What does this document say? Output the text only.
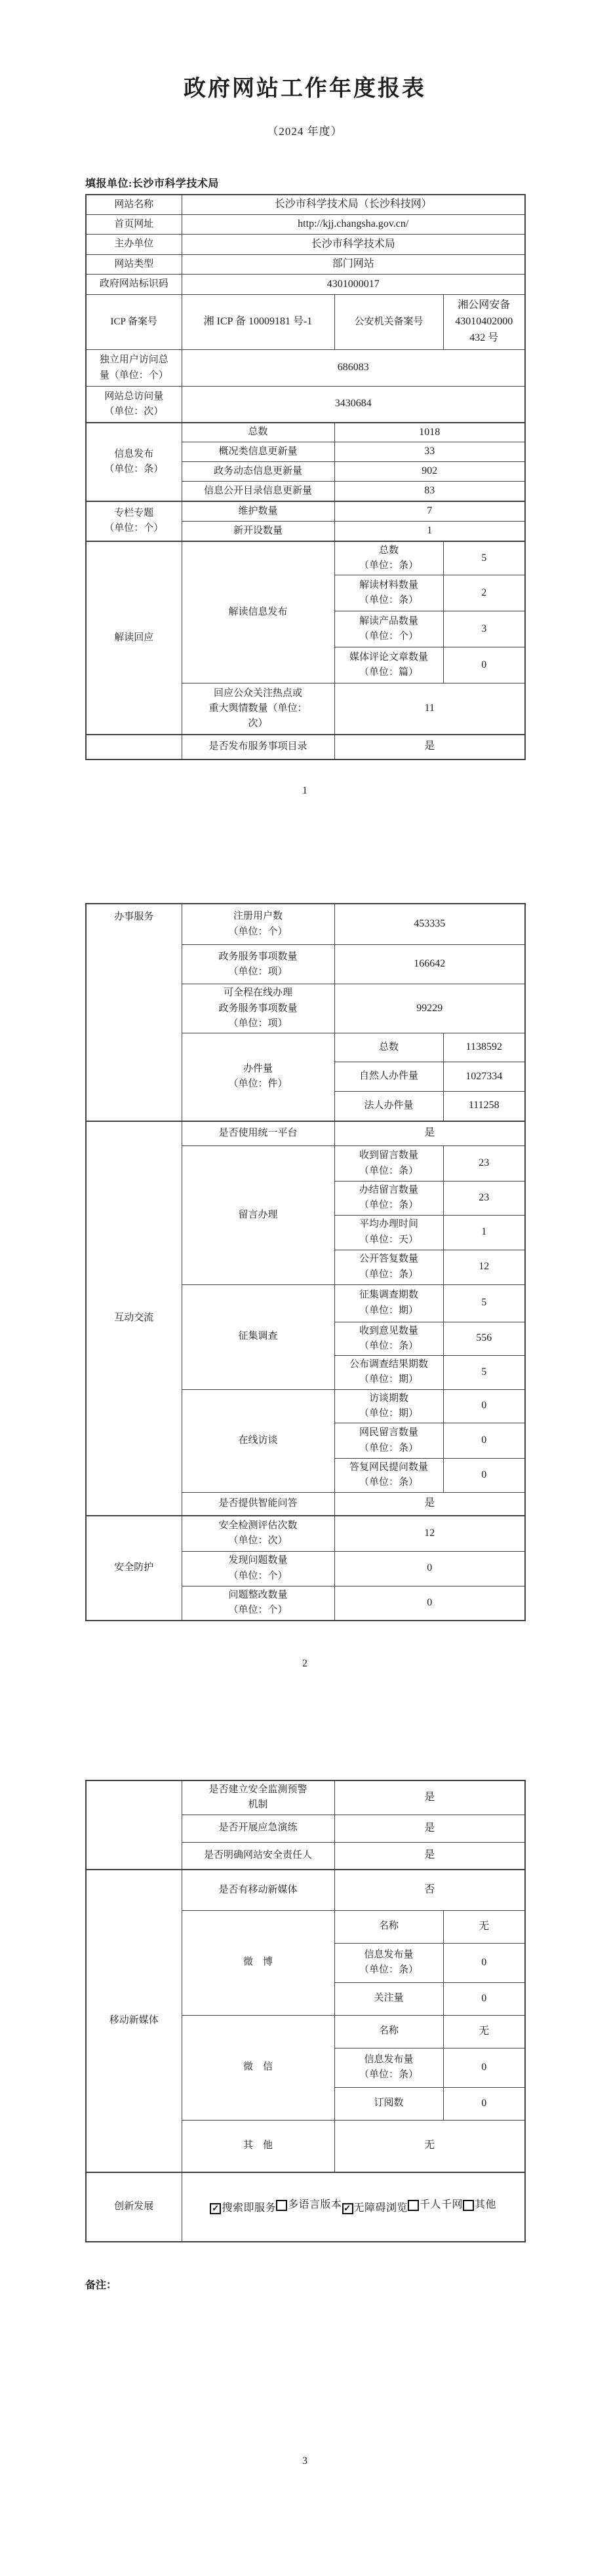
政府网站工作年度报表
（2024 年度）
填报单位:长沙市科学技术局
网站名称	长沙市科学技术局（长沙科技网）		
首页网址	http://kjj.changsha.gov.cn/		
主办单位	长沙市科学技术局		
网站类型	部门网站		
政府网站标识码	4301000017		
ICP 备案号	湘 ICP 备 10009181 号-1	公安机关备案号	湘公网安备
43010402000
432 号
独立用户访问总
量（单位：个）	686083		
网站总访问量
（单位：次）	3430684		
信息发布
（单位：条）	总数	1018	
	概况类信息更新量	33	
	政务动态信息更新量	902	
	信息公开目录信息更新量	83	
专栏专题
（单位：个）	维护数量	7	
	新开设数量	1	
解读回应	解读信息发布	总数
（单位：条）	5
		解读材料数量
（单位：条）	2
		解读产品数量
（单位：个）	3
		媒体评论文章数量
（单位：篇）	0
	回应公众关注热点或
重大舆情数量（单位：
次）	11	
	是否发布服务事项目录	是	
1
办事服务	注册用户数
（单位：个）	453335	
	政务服务事项数量
（单位：项）	166642	
	可全程在线办理
政务服务事项数量
（单位：项）	99229	
	办件量
（单位：件）	总数	1138592
		自然人办件量	1027334
		法人办件量	111258
互动交流	是否使用统一平台	是	
	留言办理	收到留言数量
（单位：条）	23
		办结留言数量
（单位：条）	23
		平均办理时间
（单位：天）	1
		公开答复数量
（单位：条）	12
	征集调查	征集调查期数
（单位：期）	5
		收到意见数量
（单位：条）	556
		公布调查结果期数
（单位：期）	5
	在线访谈	访谈期数
（单位：期）	0
		网民留言数量
（单位：条）	0
		答复网民提问数量
（单位：条）	0
	是否提供智能问答	是	
安全防护	安全检测评估次数
（单位：次）	12	
	发现问题数量
（单位：个）	0	
	问题整改数量
（单位：个）	0	
2
	是否建立安全监测预警
机制	是	
	是否开展应急演练	是	
	是否明确网站安全责任人	是	
移动新媒体	是否有移动新媒体	否	
	微　博	名称	无
		信息发布量
（单位：条）	0
		关注量	0
	微　信	名称	无
		信息发布量
（单位：条）	0
		订阅数	0
	其　他	无	
创新发展	✓ 搜索即服务 多语言版本 ✓ 无障碍浏览 千人千网 其他
备注：
3
